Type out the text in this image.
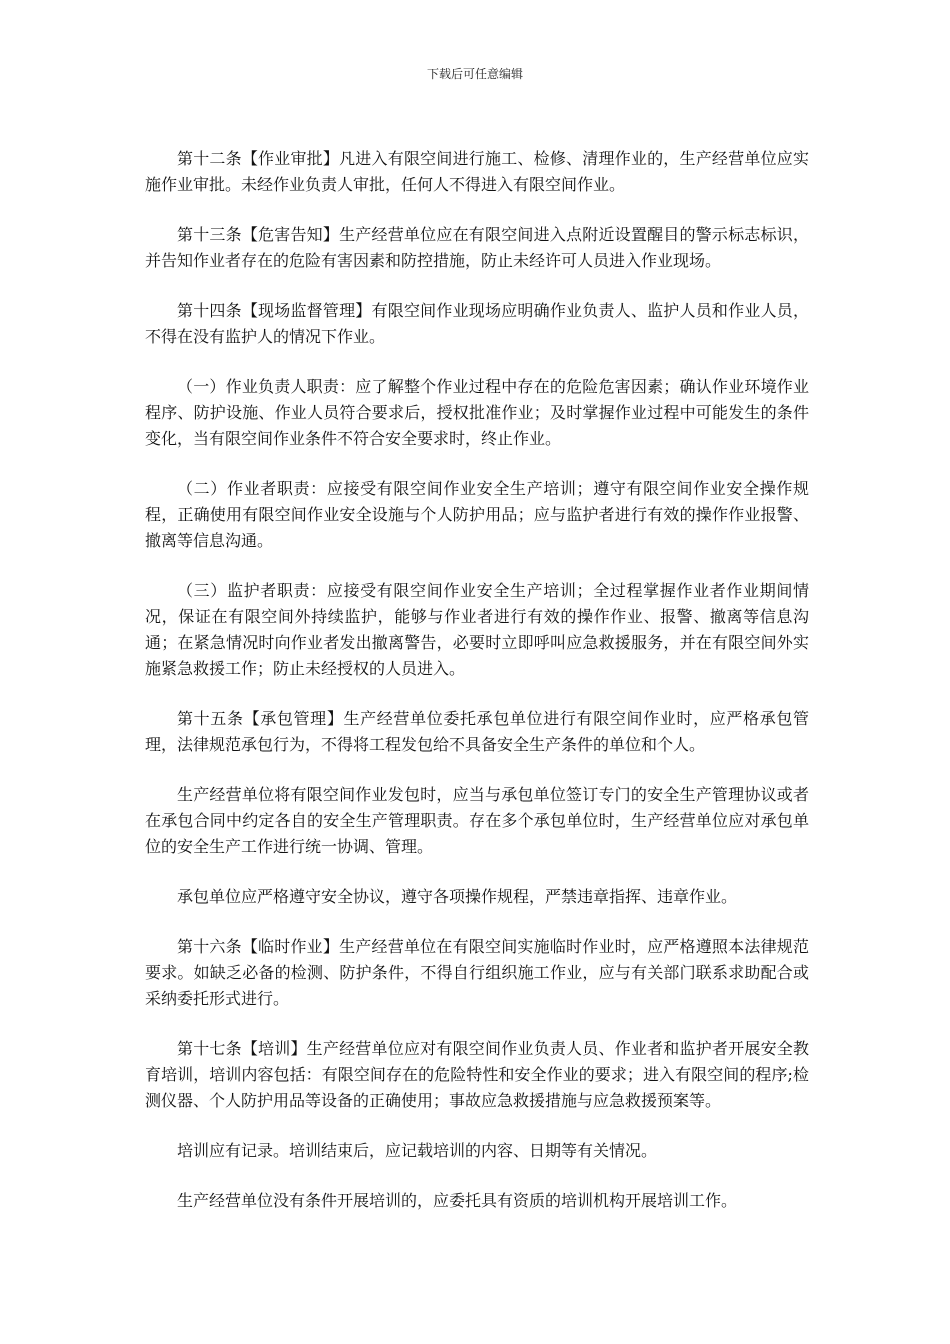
下载后可任意编辑

第十二条【作业审批】凡进入有限空间进行施工、检修、清理作业的，生产经营单位应实施作业审批。未经作业负责人审批，任何人不得进入有限空间作业。

第十三条【危害告知】生产经营单位应在有限空间进入点附近设置醒目的警示标志标识，并告知作业者存在的危险有害因素和防控措施，防止未经许可人员进入作业现场。

第十四条【现场监督管理】有限空间作业现场应明确作业负责人、监护人员和作业人员，不得在没有监护人的情况下作业。

（一）作业负责人职责：应了解整个作业过程中存在的危险危害因素；确认作业环境作业程序、防护设施、作业人员符合要求后，授权批准作业；及时掌握作业过程中可能发生的条件变化，当有限空间作业条件不符合安全要求时，终止作业。

（二）作业者职责：应接受有限空间作业安全生产培训；遵守有限空间作业安全操作规程，正确使用有限空间作业安全设施与个人防护用品；应与监护者进行有效的操作作业报警、撤离等信息沟通。

（三）监护者职责：应接受有限空间作业安全生产培训；全过程掌握作业者作业期间情况，保证在有限空间外持续监护，能够与作业者进行有效的操作作业、报警、撤离等信息沟通；在紧急情况时向作业者发出撤离警告，必要时立即呼叫应急救援服务，并在有限空间外实施紧急救援工作；防止未经授权的人员进入。

第十五条【承包管理】生产经营单位委托承包单位进行有限空间作业时，应严格承包管理，法律规范承包行为，不得将工程发包给不具备安全生产条件的单位和个人。

生产经营单位将有限空间作业发包时，应当与承包单位签订专门的安全生产管理协议或者在承包合同中约定各自的安全生产管理职责。存在多个承包单位时，生产经营单位应对承包单位的安全生产工作进行统一协调、管理。

承包单位应严格遵守安全协议，遵守各项操作规程，严禁违章指挥、违章作业。

第十六条【临时作业】生产经营单位在有限空间实施临时作业时，应严格遵照本法律规范要求。如缺乏必备的检测、防护条件，不得自行组织施工作业，应与有关部门联系求助配合或采纳委托形式进行。

第十七条【培训】生产经营单位应对有限空间作业负责人员、作业者和监护者开展安全教育培训，培训内容包括：有限空间存在的危险特性和安全作业的要求；进入有限空间的程序;检测仪器、个人防护用品等设备的正确使用；事故应急救援措施与应急救援预案等。

培训应有记录。培训结束后，应记载培训的内容、日期等有关情况。

生产经营单位没有条件开展培训的，应委托具有资质的培训机构开展培训工作。
